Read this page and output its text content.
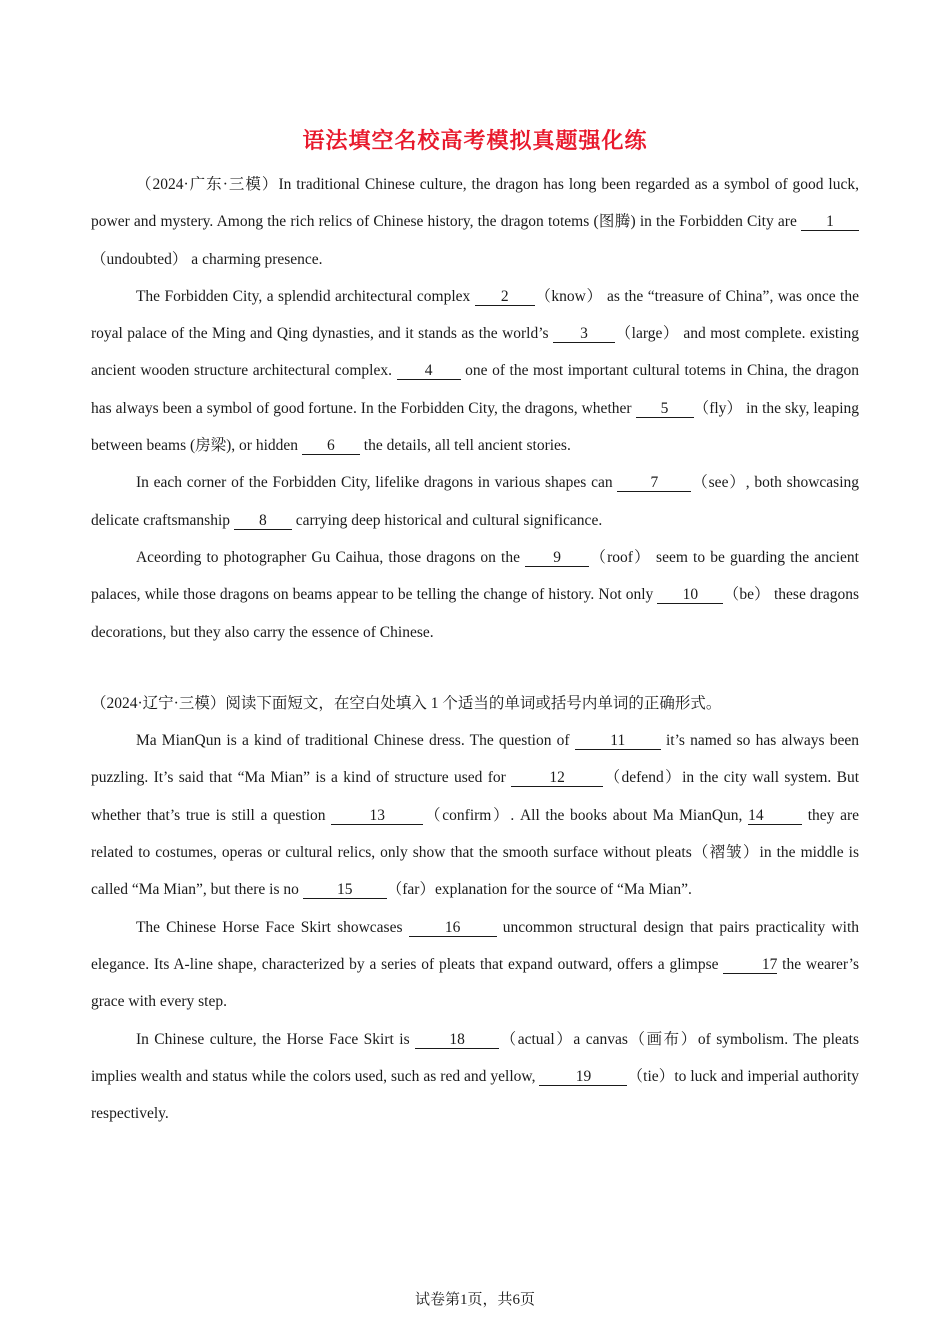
语法填空名校高考模拟真题强化练

（2024·广东·三模）In traditional Chinese culture, the dragon has long been regarded as a symbol of good luck, power and mystery. Among the rich relics of Chinese history, the dragon totems (图腾) in the Forbidden City are 1（undoubted） a charming presence.

The Forbidden City, a splendid architectural complex 2 （know） as the “treasure of China”, was once the royal palace of the Ming and Qing dynasties, and it stands as the world’s 3 （large） and most complete. existing ancient wooden structure architectural complex. 4 one of the most important cultural totems in China, the dragon has always been a symbol of good fortune. In the Forbidden City, the dragons, whether 5 （fly） in the sky, leaping between beams (房梁), or hidden 6 the details, all tell ancient stories.

In each corner of the Forbidden City, lifelike dragons in various shapes can 7 （see）, both showcasing delicate craftsmanship 8 carrying deep historical and cultural significance.

Aceording to photographer Gu Caihua, those dragons on the 9 （roof） seem to be guarding the ancient palaces, while those dragons on beams appear to be telling the change of history. Not only 10 （be） these dragons decorations, but they also carry the essence of Chinese.

（2024·辽宁·三模）阅读下面短文，在空白处填入 1 个适当的单词或括号内单词的正确形式。

Ma MianQun is a kind of traditional Chinese dress. The question of 11 it’s named so has always been puzzling. It’s said that “Ma Mian” is a kind of structure used for 12 （defend）in the city wall system. But whether that’s true is still a question 13 （confirm）. All the books about Ma MianQun, 14 they are related to costumes, operas or cultural relics, only show that the smooth surface without pleats（褶皱）in the middle is called “Ma Mian”, but there is no 15 （far）explanation for the source of “Ma Mian”.

The Chinese Horse Face Skirt showcases 16 uncommon structural design that pairs practicality with elegance. Its A-line shape, characterized by a series of pleats that expand outward, offers a glimpse 17 the wearer’s grace with every step.

In Chinese culture, the Horse Face Skirt is 18 （actual）a canvas（画布）of symbolism. The pleats implies wealth and status while the colors used, such as red and yellow, 19 （tie）to luck and imperial authority respectively.

试卷第1页，共6页
